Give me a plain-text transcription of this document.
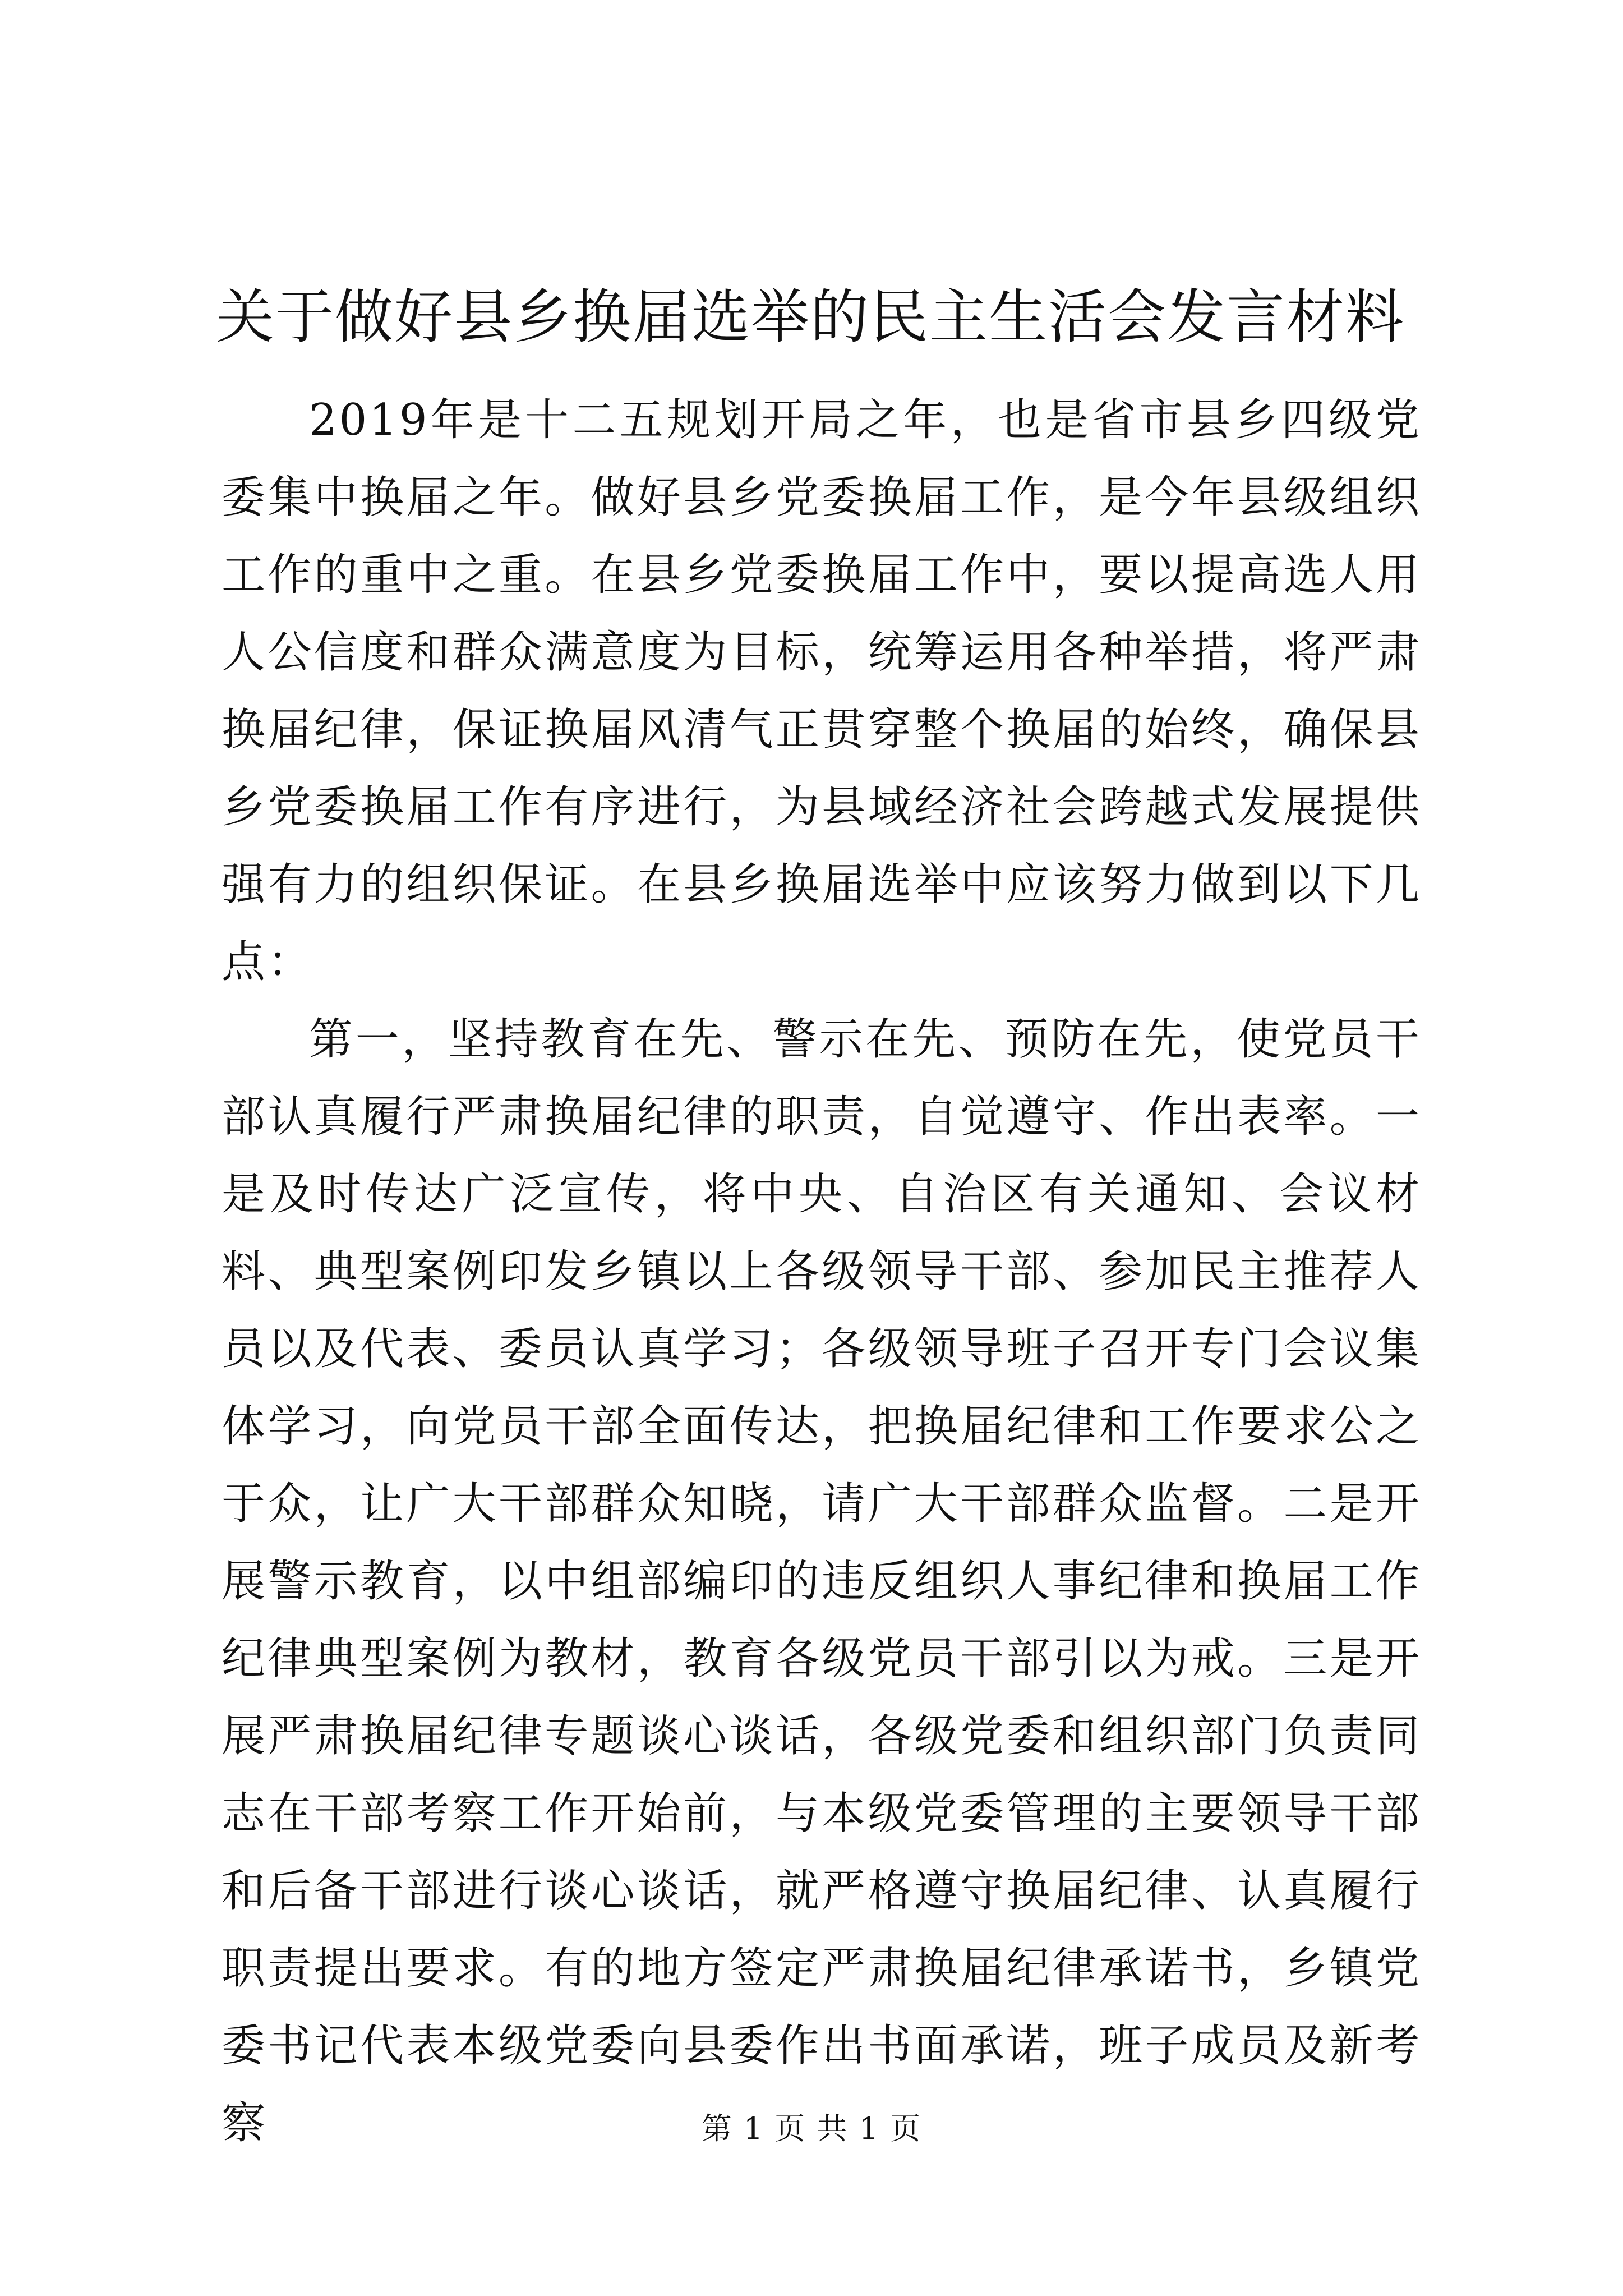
关于做好县乡换届选举的民主生活会发言材料

2019年是十二五规划开局之年，也是省市县乡四级党委集中换届之年。做好县乡党委换届工作，是今年县级组织工作的重中之重。在县乡党委换届工作中，要以提高选人用人公信度和群众满意度为目标，统筹运用各种举措，将严肃换届纪律，保证换届风清气正贯穿整个换届的始终，确保县乡党委换届工作有序进行，为县域经济社会跨越式发展提供强有力的组织保证。在县乡换届选举中应该努力做到以下几点：

第一，坚持教育在先、警示在先、预防在先，使党员干部认真履行严肃换届纪律的职责，自觉遵守、作出表率。一是及时传达广泛宣传，将中央、自治区有关通知、会议材料、典型案例印发乡镇以上各级领导干部、参加民主推荐人员以及代表、委员认真学习；各级领导班子召开专门会议集体学习，向党员干部全面传达，把换届纪律和工作要求公之于众，让广大干部群众知晓，请广大干部群众监督。二是开展警示教育，以中组部编印的违反组织人事纪律和换届工作纪律典型案例为教材，教育各级党员干部引以为戒。三是开展严肃换届纪律专题谈心谈话，各级党委和组织部门负责同志在干部考察工作开始前，与本级党委管理的主要领导干部和后备干部进行谈心谈话，就严格遵守换届纪律、认真履行职责提出要求。有的地方签定严肃换届纪律承诺书，乡镇党委书记代表本级党委向县委作出书面承诺，班子成员及新考察	第 1 页 共 1 页
